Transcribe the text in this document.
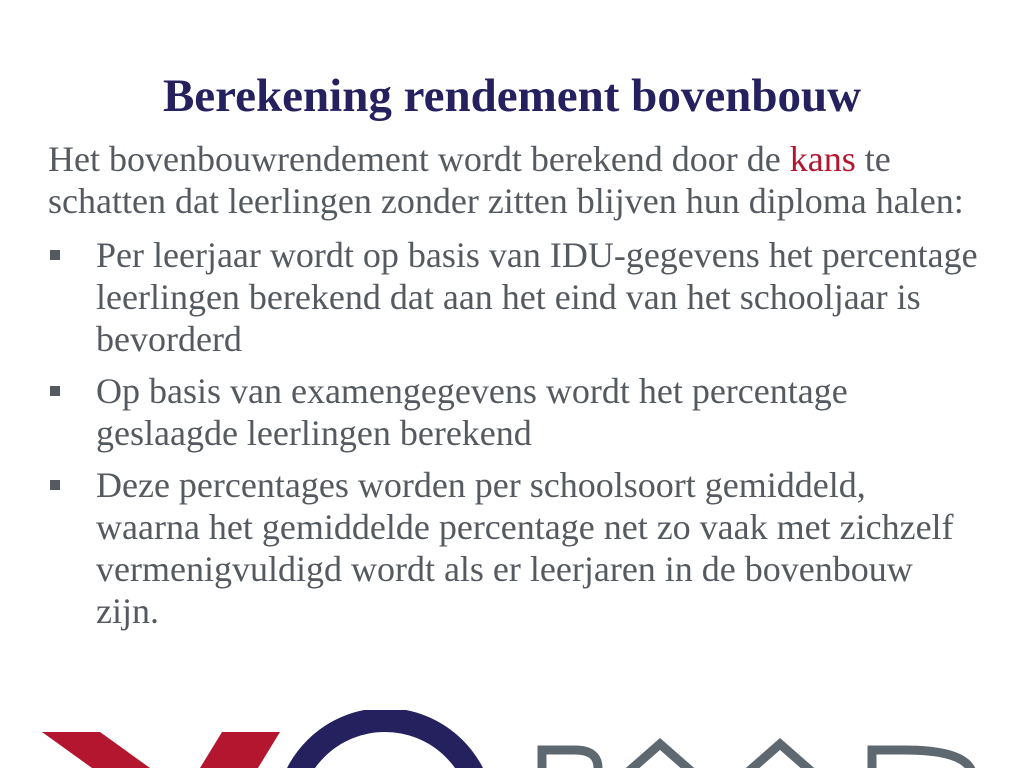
Berekening rendement bovenbouw

Het bovenbouwrendement wordt berekend door de kans te schatten dat leerlingen zonder zitten blijven hun diploma halen:

Per leerjaar wordt op basis van IDU-gegevens het percentage leerlingen berekend dat aan het eind van het schooljaar is bevorderd
Op basis van examengegevens wordt het percentage geslaagde leerlingen berekend
Deze percentages worden per schoolsoort gemiddeld, waarna het gemiddelde percentage net zo vaak met zichzelf vermenigvuldigd wordt als er leerjaren in de bovenbouw zijn.
